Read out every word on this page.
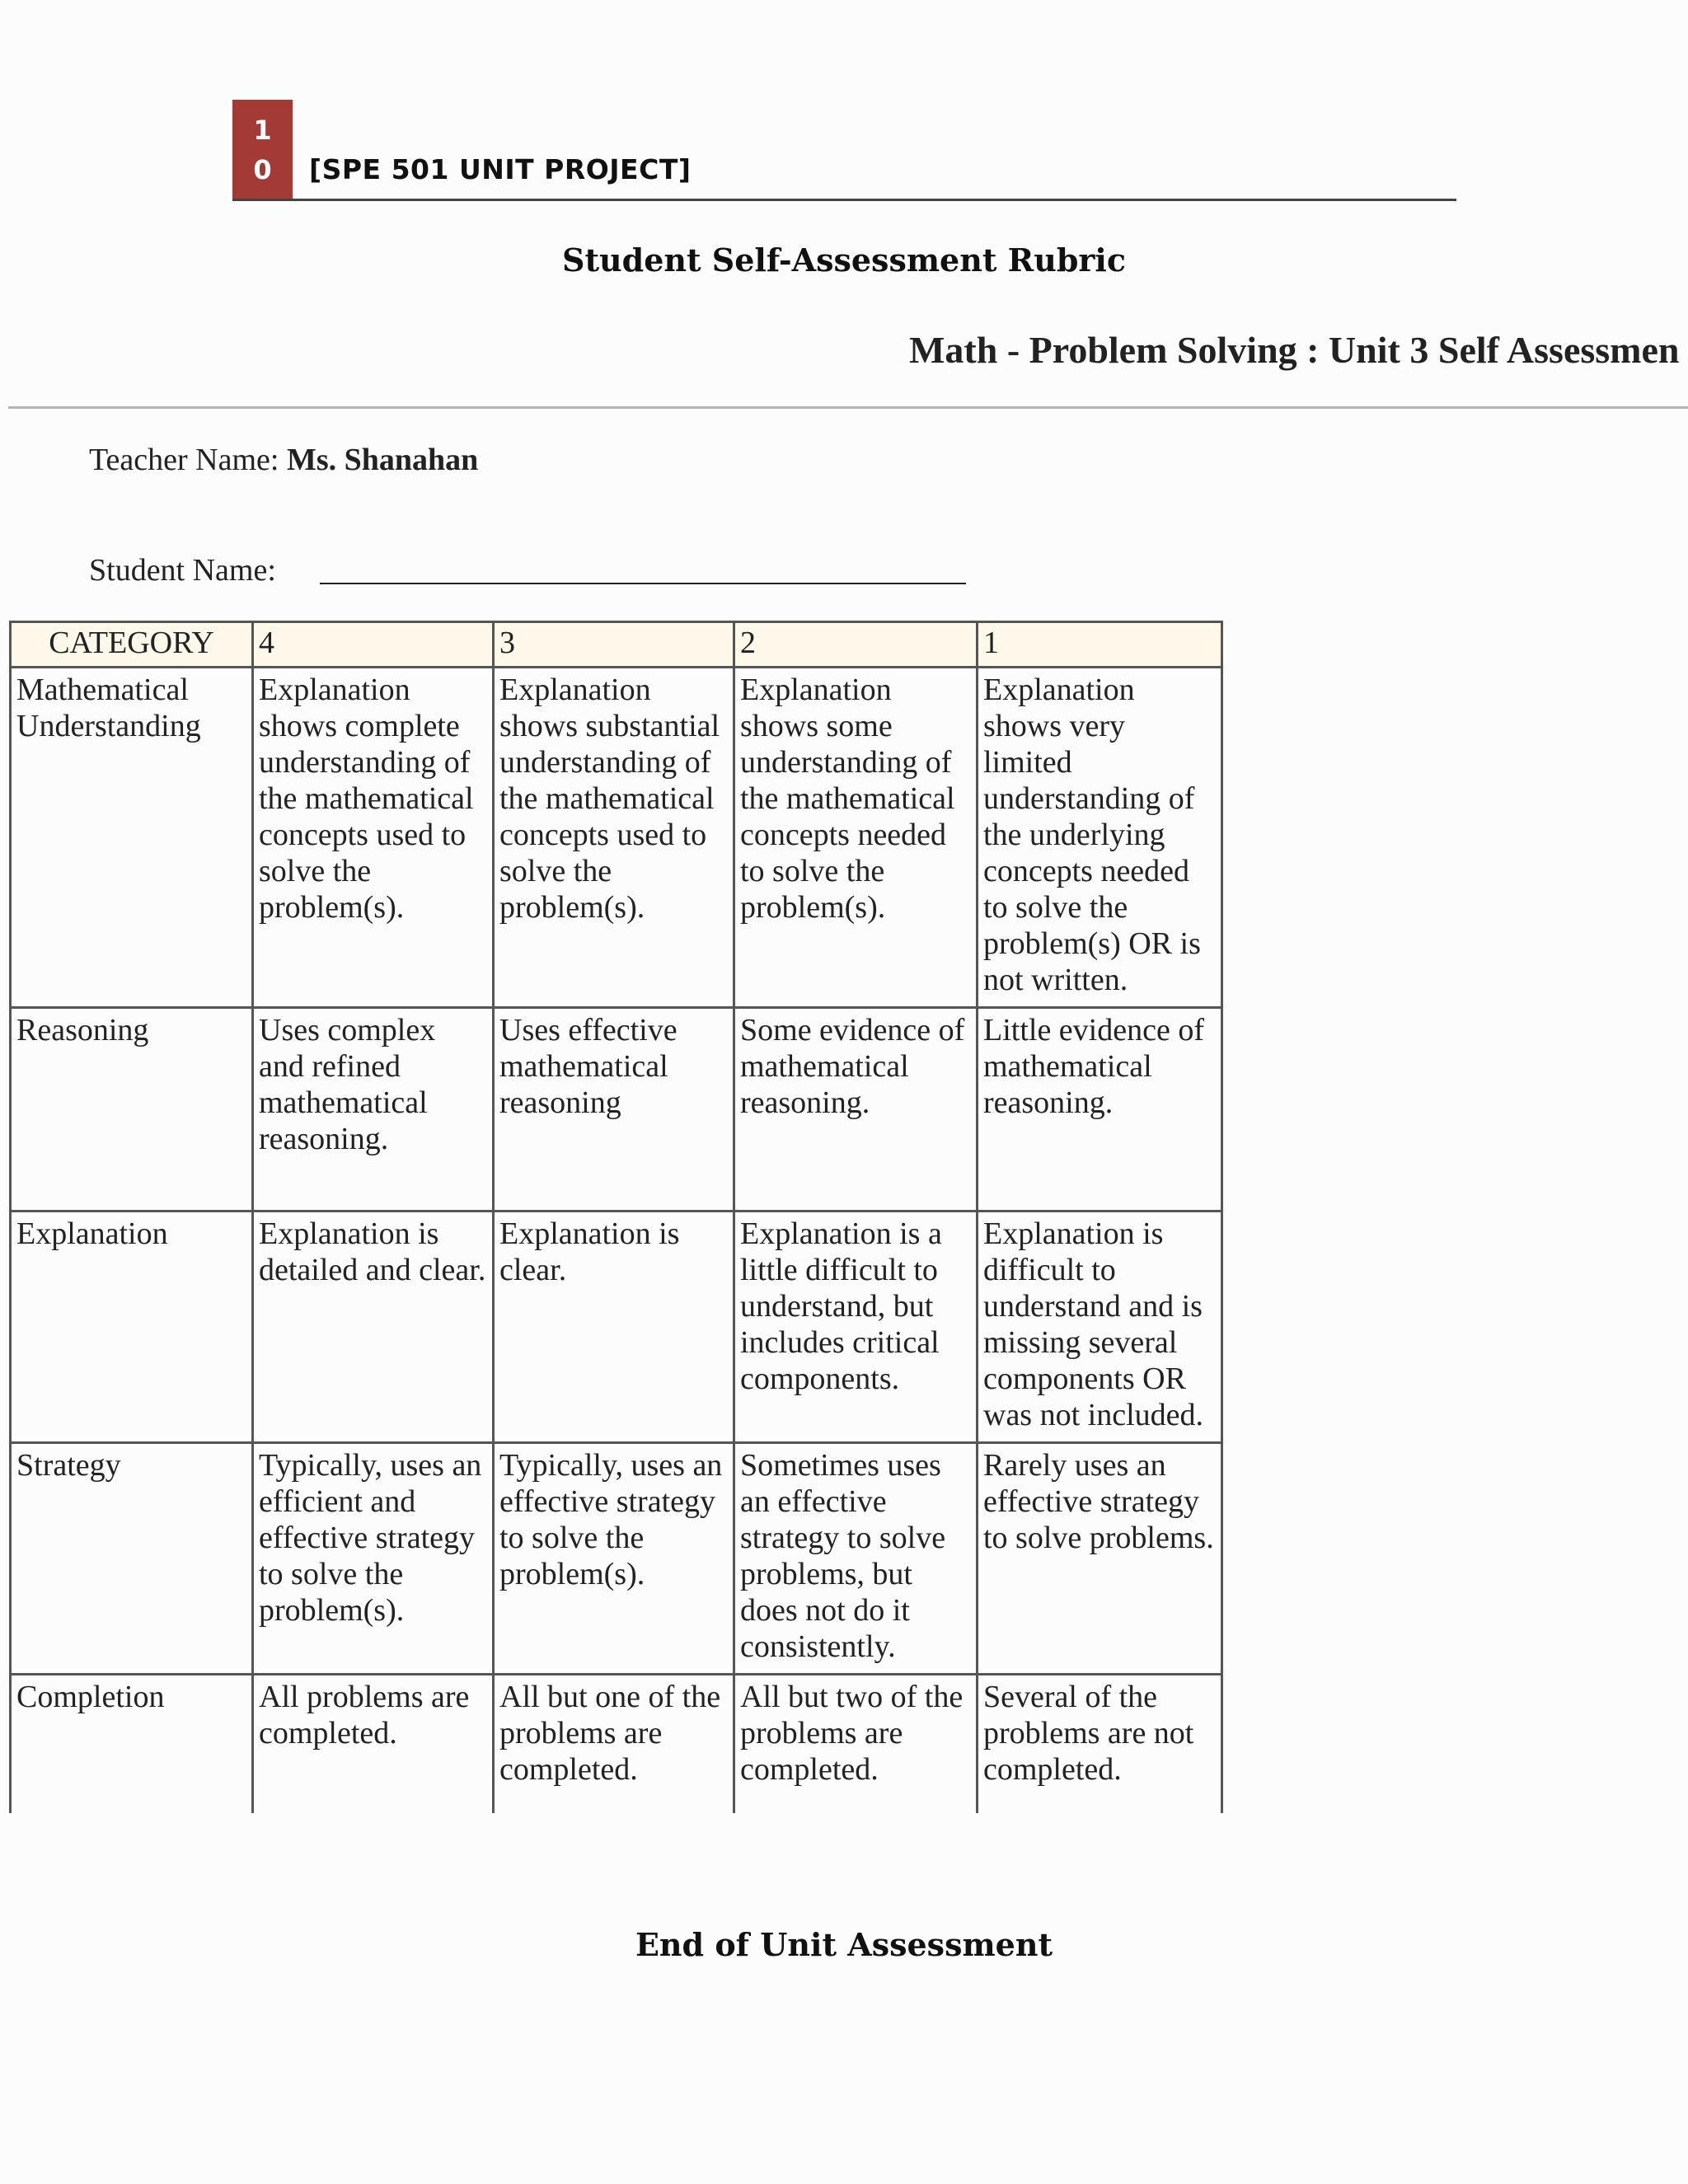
1
0 [SPE 501 UNIT PROJECT]
Student Self-Assessment Rubric
Math - Problem Solving : Unit 3 Self Assessmen
Teacher Name: Ms. Shanahan
Student Name:
CATEGORY	4	3	2	1
Mathematical Understanding	Explanation shows complete understanding of the mathematical concepts used to solve the problem(s).	Explanation shows substantial understanding of the mathematical concepts used to solve the problem(s).	Explanation shows some understanding of the mathematical concepts needed to solve the problem(s).	Explanation shows very limited understanding of the underlying concepts needed to solve the problem(s) OR is not written.
Reasoning	Uses complex and refined mathematical reasoning.	Uses effective mathematical reasoning	Some evidence of mathematical reasoning.	Little evidence of mathematical reasoning.
Explanation	Explanation is detailed and clear.	Explanation is clear.	Explanation is a little difficult to understand, but includes critical components.	Explanation is difficult to understand and is missing several components OR was not included.
Strategy	Typically, uses an efficient and effective strategy to solve the problem(s).	Typically, uses an effective strategy to solve the problem(s).	Sometimes uses an effective strategy to solve problems, but does not do it consistently.	Rarely uses an effective strategy to solve problems.
Completion	All problems are completed.	All but one of the problems are completed.	All but two of the problems are completed.	Several of the problems are not completed.
End of Unit Assessment
